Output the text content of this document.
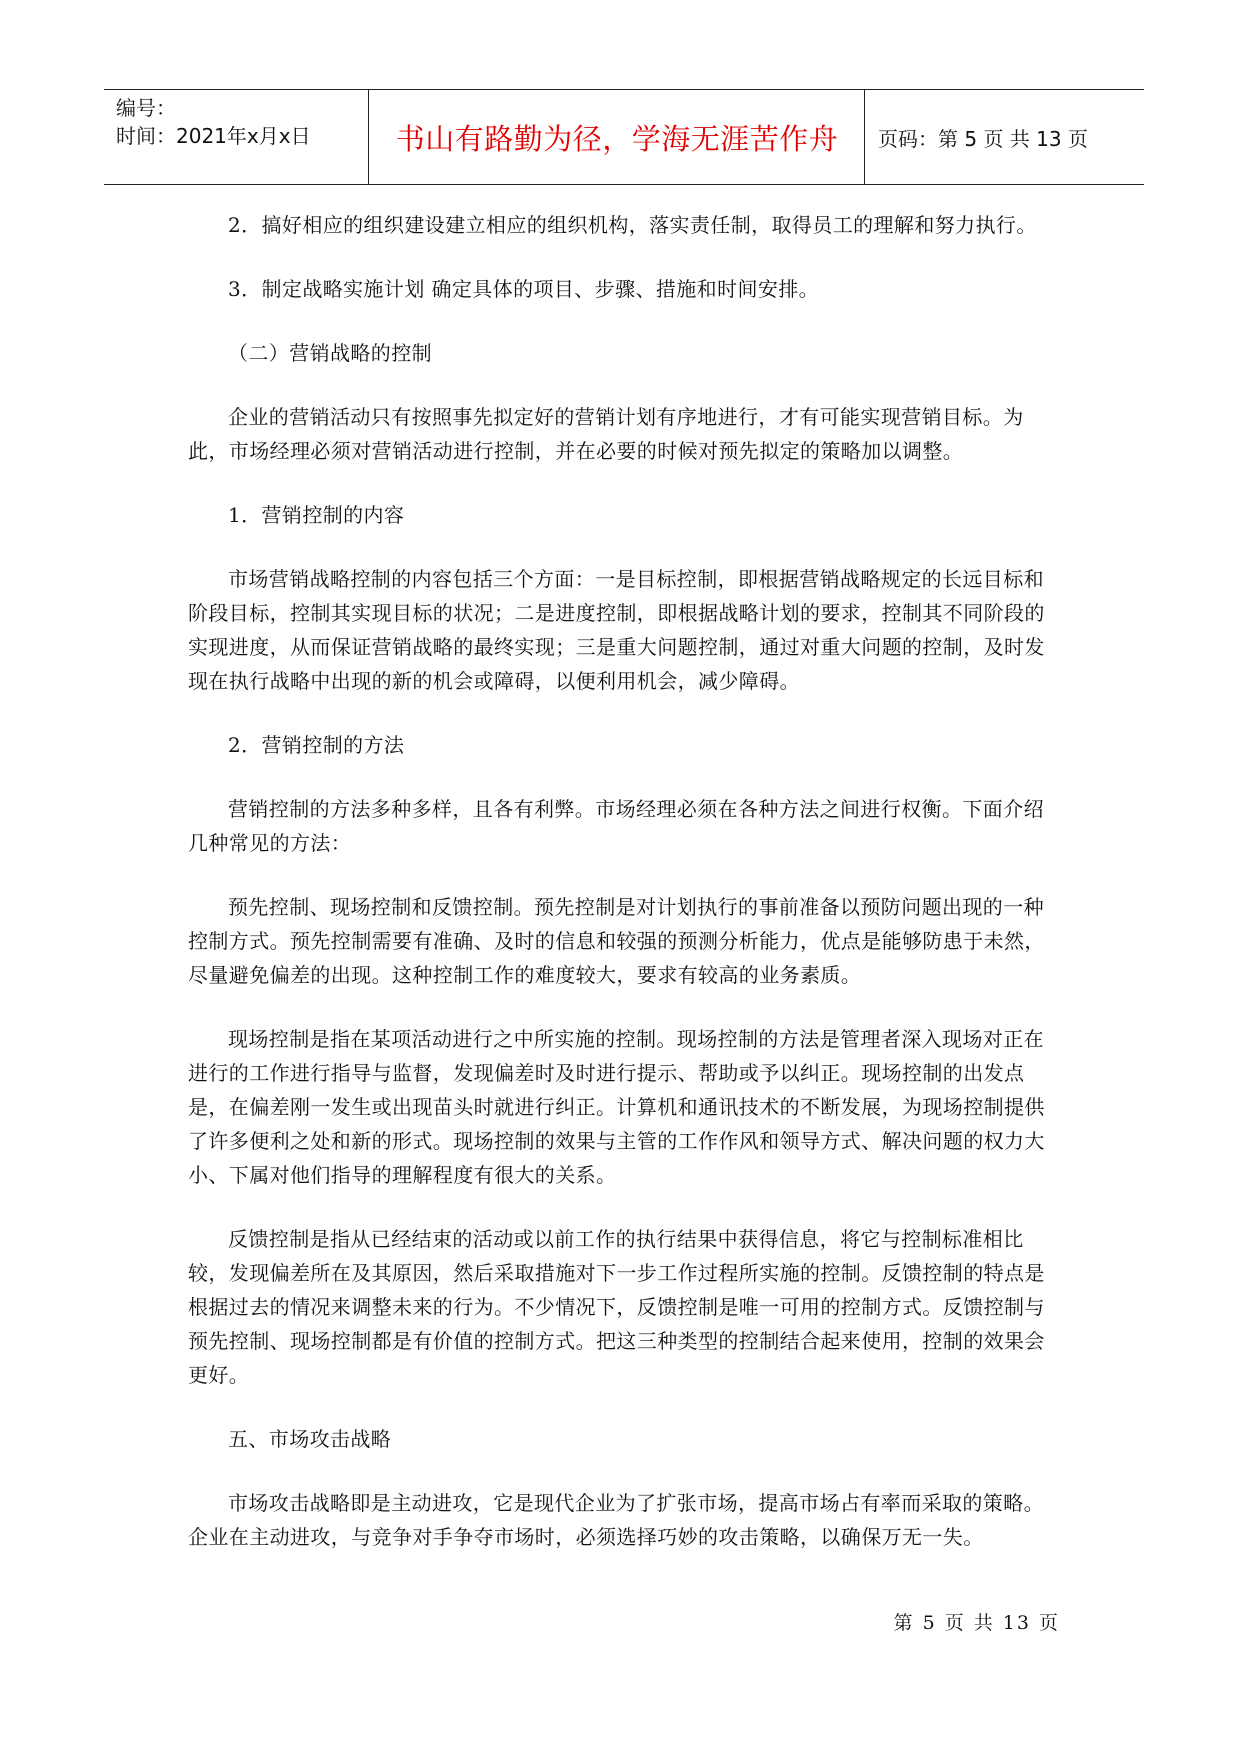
编号：
时间：2021年x月x日	书山有路勤为径，学海无涯苦作舟	页码：第 5 页 共 13 页

2．搞好相应的组织建设建立相应的组织机构，落实责任制，取得员工的理解和努力执行。

3．制定战略实施计划 确定具体的项目、步骤、措施和时间安排。

（二）营销战略的控制

企业的营销活动只有按照事先拟定好的营销计划有序地进行，才有可能实现营销目标。为此，市场经理必须对营销活动进行控制，并在必要的时候对预先拟定的策略加以调整。

1．营销控制的内容

市场营销战略控制的内容包括三个方面：一是目标控制，即根据营销战略规定的长远目标和阶段目标，控制其实现目标的状况；二是进度控制，即根据战略计划的要求，控制其不同阶段的实现进度，从而保证营销战略的最终实现；三是重大问题控制，通过对重大问题的控制，及时发现在执行战略中出现的新的机会或障碍，以便利用机会，减少障碍。

2．营销控制的方法

营销控制的方法多种多样，且各有利弊。市场经理必须在各种方法之间进行权衡。下面介绍几种常见的方法：

预先控制、现场控制和反馈控制。预先控制是对计划执行的事前准备以预防问题出现的一种控制方式。预先控制需要有准确、及时的信息和较强的预测分析能力，优点是能够防患于未然，尽量避免偏差的出现。这种控制工作的难度较大，要求有较高的业务素质。

现场控制是指在某项活动进行之中所实施的控制。现场控制的方法是管理者深入现场对正在进行的工作进行指导与监督，发现偏差时及时进行提示、帮助或予以纠正。现场控制的出发点是，在偏差刚一发生或出现苗头时就进行纠正。计算机和通讯技术的不断发展，为现场控制提供了许多便利之处和新的形式。现场控制的效果与主管的工作作风和领导方式、解决问题的权力大小、下属对他们指导的理解程度有很大的关系。

反馈控制是指从已经结束的活动或以前工作的执行结果中获得信息，将它与控制标准相比较，发现偏差所在及其原因，然后采取措施对下一步工作过程所实施的控制。反馈控制的特点是根据过去的情况来调整未来的行为。不少情况下，反馈控制是唯一可用的控制方式。反馈控制与预先控制、现场控制都是有价值的控制方式。把这三种类型的控制结合起来使用，控制的效果会更好。

五、市场攻击战略

市场攻击战略即是主动进攻，它是现代企业为了扩张市场，提高市场占有率而采取的策略。企业在主动进攻，与竞争对手争夺市场时，必须选择巧妙的攻击策略，以确保万无一失。

第 5 页 共 13 页
